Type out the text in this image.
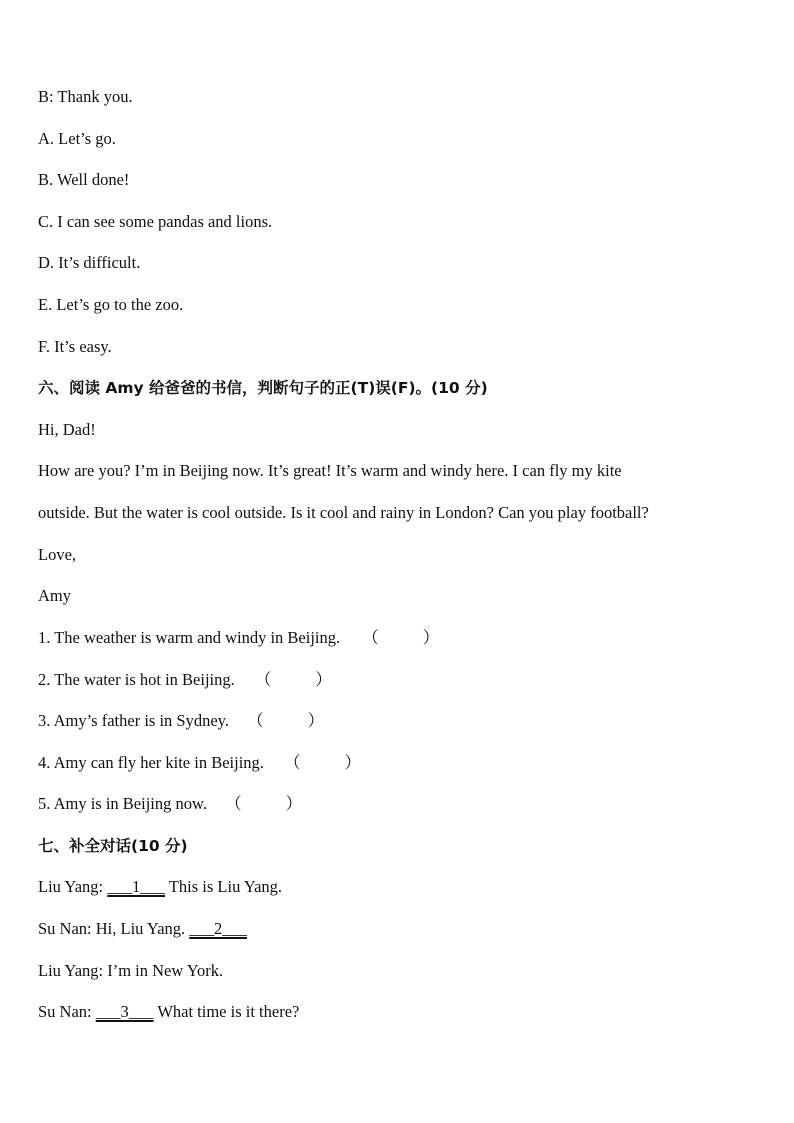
B: Thank you.
A. Let’s go.
B. Well done!
C. I can see some pandas and lions.
D. It’s difficult.
E. Let’s go to the zoo.
F. It’s easy.
六、阅读 Amy 给爸爸的书信，判断句子的正(T)误(F)。(10 分)
Hi, Dad!
How are you? I’m in Beijing now. It’s great! It’s warm and windy here. I can fly my kite
outside. But the water is cool outside. Is it cool and rainy in London? Can you play football?
Love,
Amy
1. The weather is warm and windy in Beijing. （	）
2. The water is hot in Beijing. （	）
3. Amy’s father is in Sydney. （	）
4. Amy can fly her kite in Beijing. （	）
5. Amy is in Beijing now. （	）
七、补全对话(10 分)
Liu Yang: ___1___ This is Liu Yang.
Su Nan: Hi, Liu Yang. ___2___
Liu Yang: I’m in New York.
Su Nan: ___3___ What time is it there?
